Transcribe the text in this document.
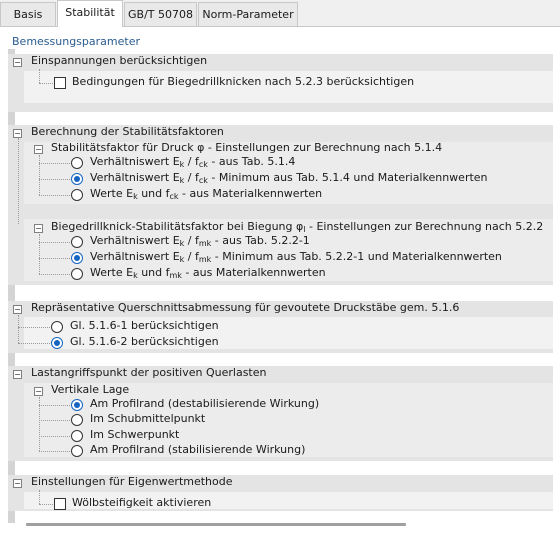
Basis	Stabilität	GB/T 50708 Norm-Parameter
Bemessungsparameter
− Einspannungen berücksichtigen
Bedingungen für Biegedrillknicken nach 5.2.3 berücksichtigen
− Berechnung der Stabilitätsfaktoren
− Stabilitätsfaktor für Druck φ - Einstellungen zur Berechnung nach 5.1.4
Verhältniswert $E_k / f_{ck}$ - aus Tab. 5.1.4
Verhältniswert $E_k / f_{ck}$ - Minimum aus Tab. 5.1.4 und Materialkennwerten
Werte $E_k$ und $f_{ck}$ - aus Materialkennwerten
− Biegedrillknick-Stabilitätsfaktor bei Biegung $\varphi_l$ - Einstellungen zur Berechnung nach 5.2.2
Verhältniswert $E_k / f_{mk}$ - aus Tab. 5.2.2-1
Verhältniswert $E_k / f_{mk}$ - Minimum aus Tab. 5.2.2-1 und Materialkennwerten
Werte $E_k$ und $f_{mk}$ - aus Materialkennwerten
− Repräsentative Querschnittsabmessung für gevoutete Druckstäbe gem. 5.1.6
Gl. 5.1.6-1 berücksichtigen
Gl. 5.1.6-2 berücksichtigen
− Lastangriffspunkt der positiven Querlasten
− Vertikale Lage
Am Profilrand (destabilisierende Wirkung)
Im Schubmittelpunkt
Im Schwerpunkt
Am Profilrand (stabilisierende Wirkung)
− Einstellungen für Eigenwertmethode
Wölbsteifigkeit aktivieren
